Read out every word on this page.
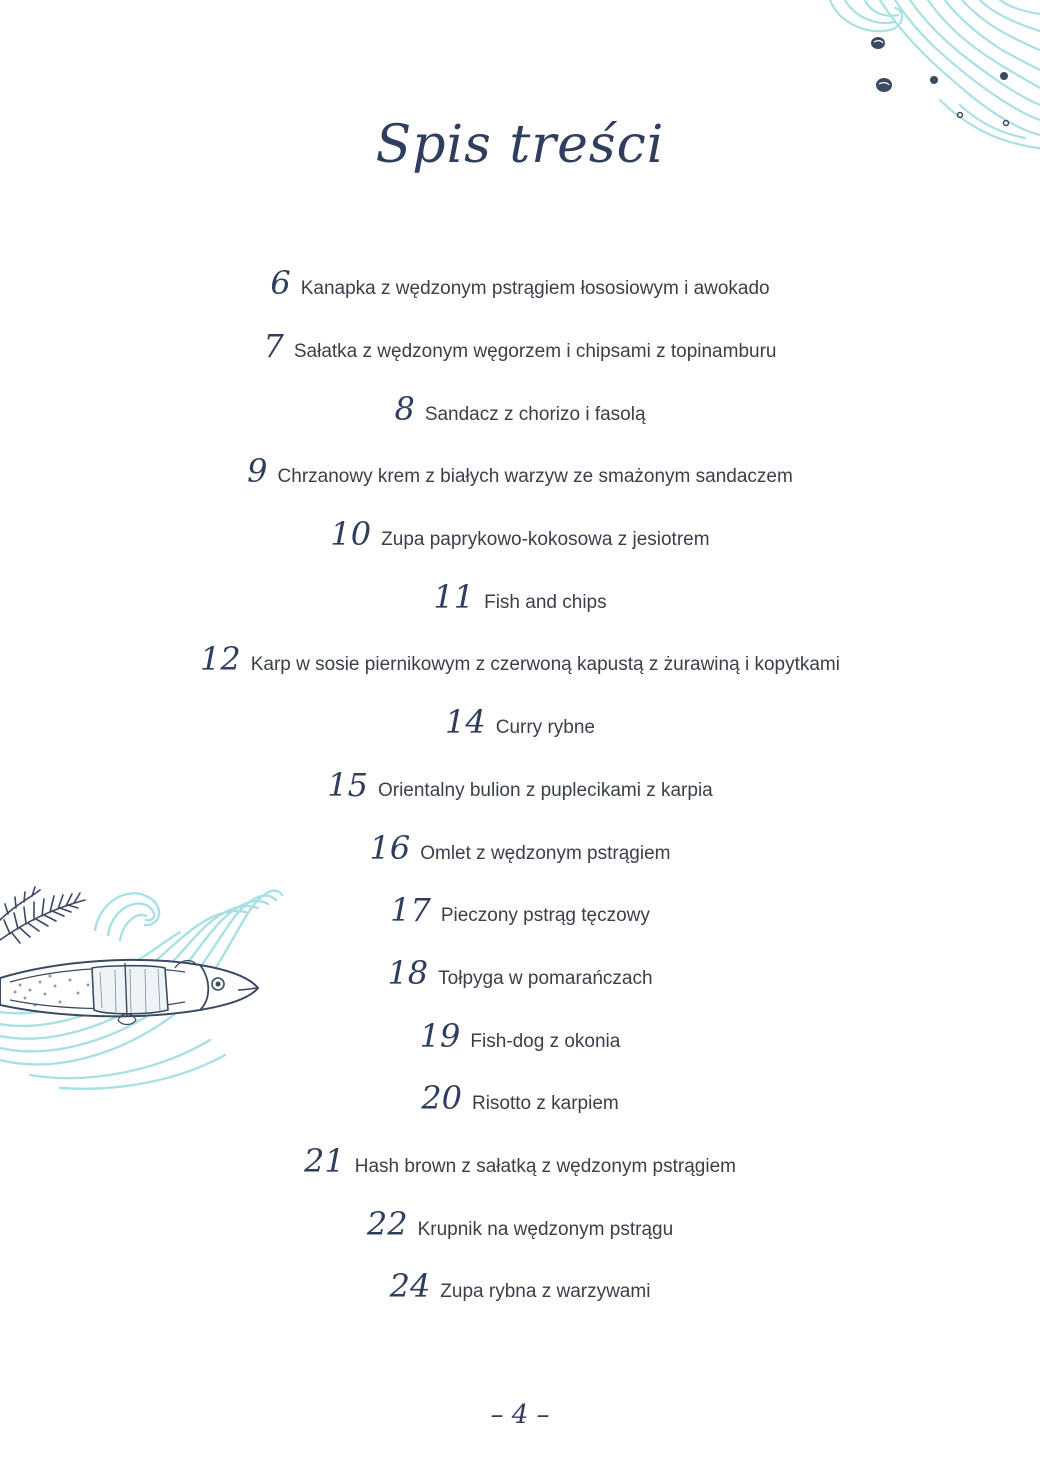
Spis treści
6 Kanapka z wędzonym pstrągiem łososiowym i awokado
7 Sałatka z wędzonym węgorzem i chipsami z topinamburu
8 Sandacz z chorizo i fasolą
9 Chrzanowy krem z białych warzyw ze smażonym sandaczem
10 Zupa paprykowo-kokosowa z jesiotrem
11 Fish and chips
12 Karp w sosie piernikowym z czerwoną kapustą z żurawiną i kopytkami
14 Curry rybne
15 Orientalny bulion z puplecikami z karpia
16 Omlet z wędzonym pstrągiem
17 Pieczony pstrąg tęczowy
18 Tołpyga w pomarańczach
19 Fish-dog z okonia
20 Risotto z karpiem
21 Hash brown z sałatką z wędzonym pstrągiem
22 Krupnik na wędzonym pstrągu
24 Zupa rybna z warzywami
– 4 –
